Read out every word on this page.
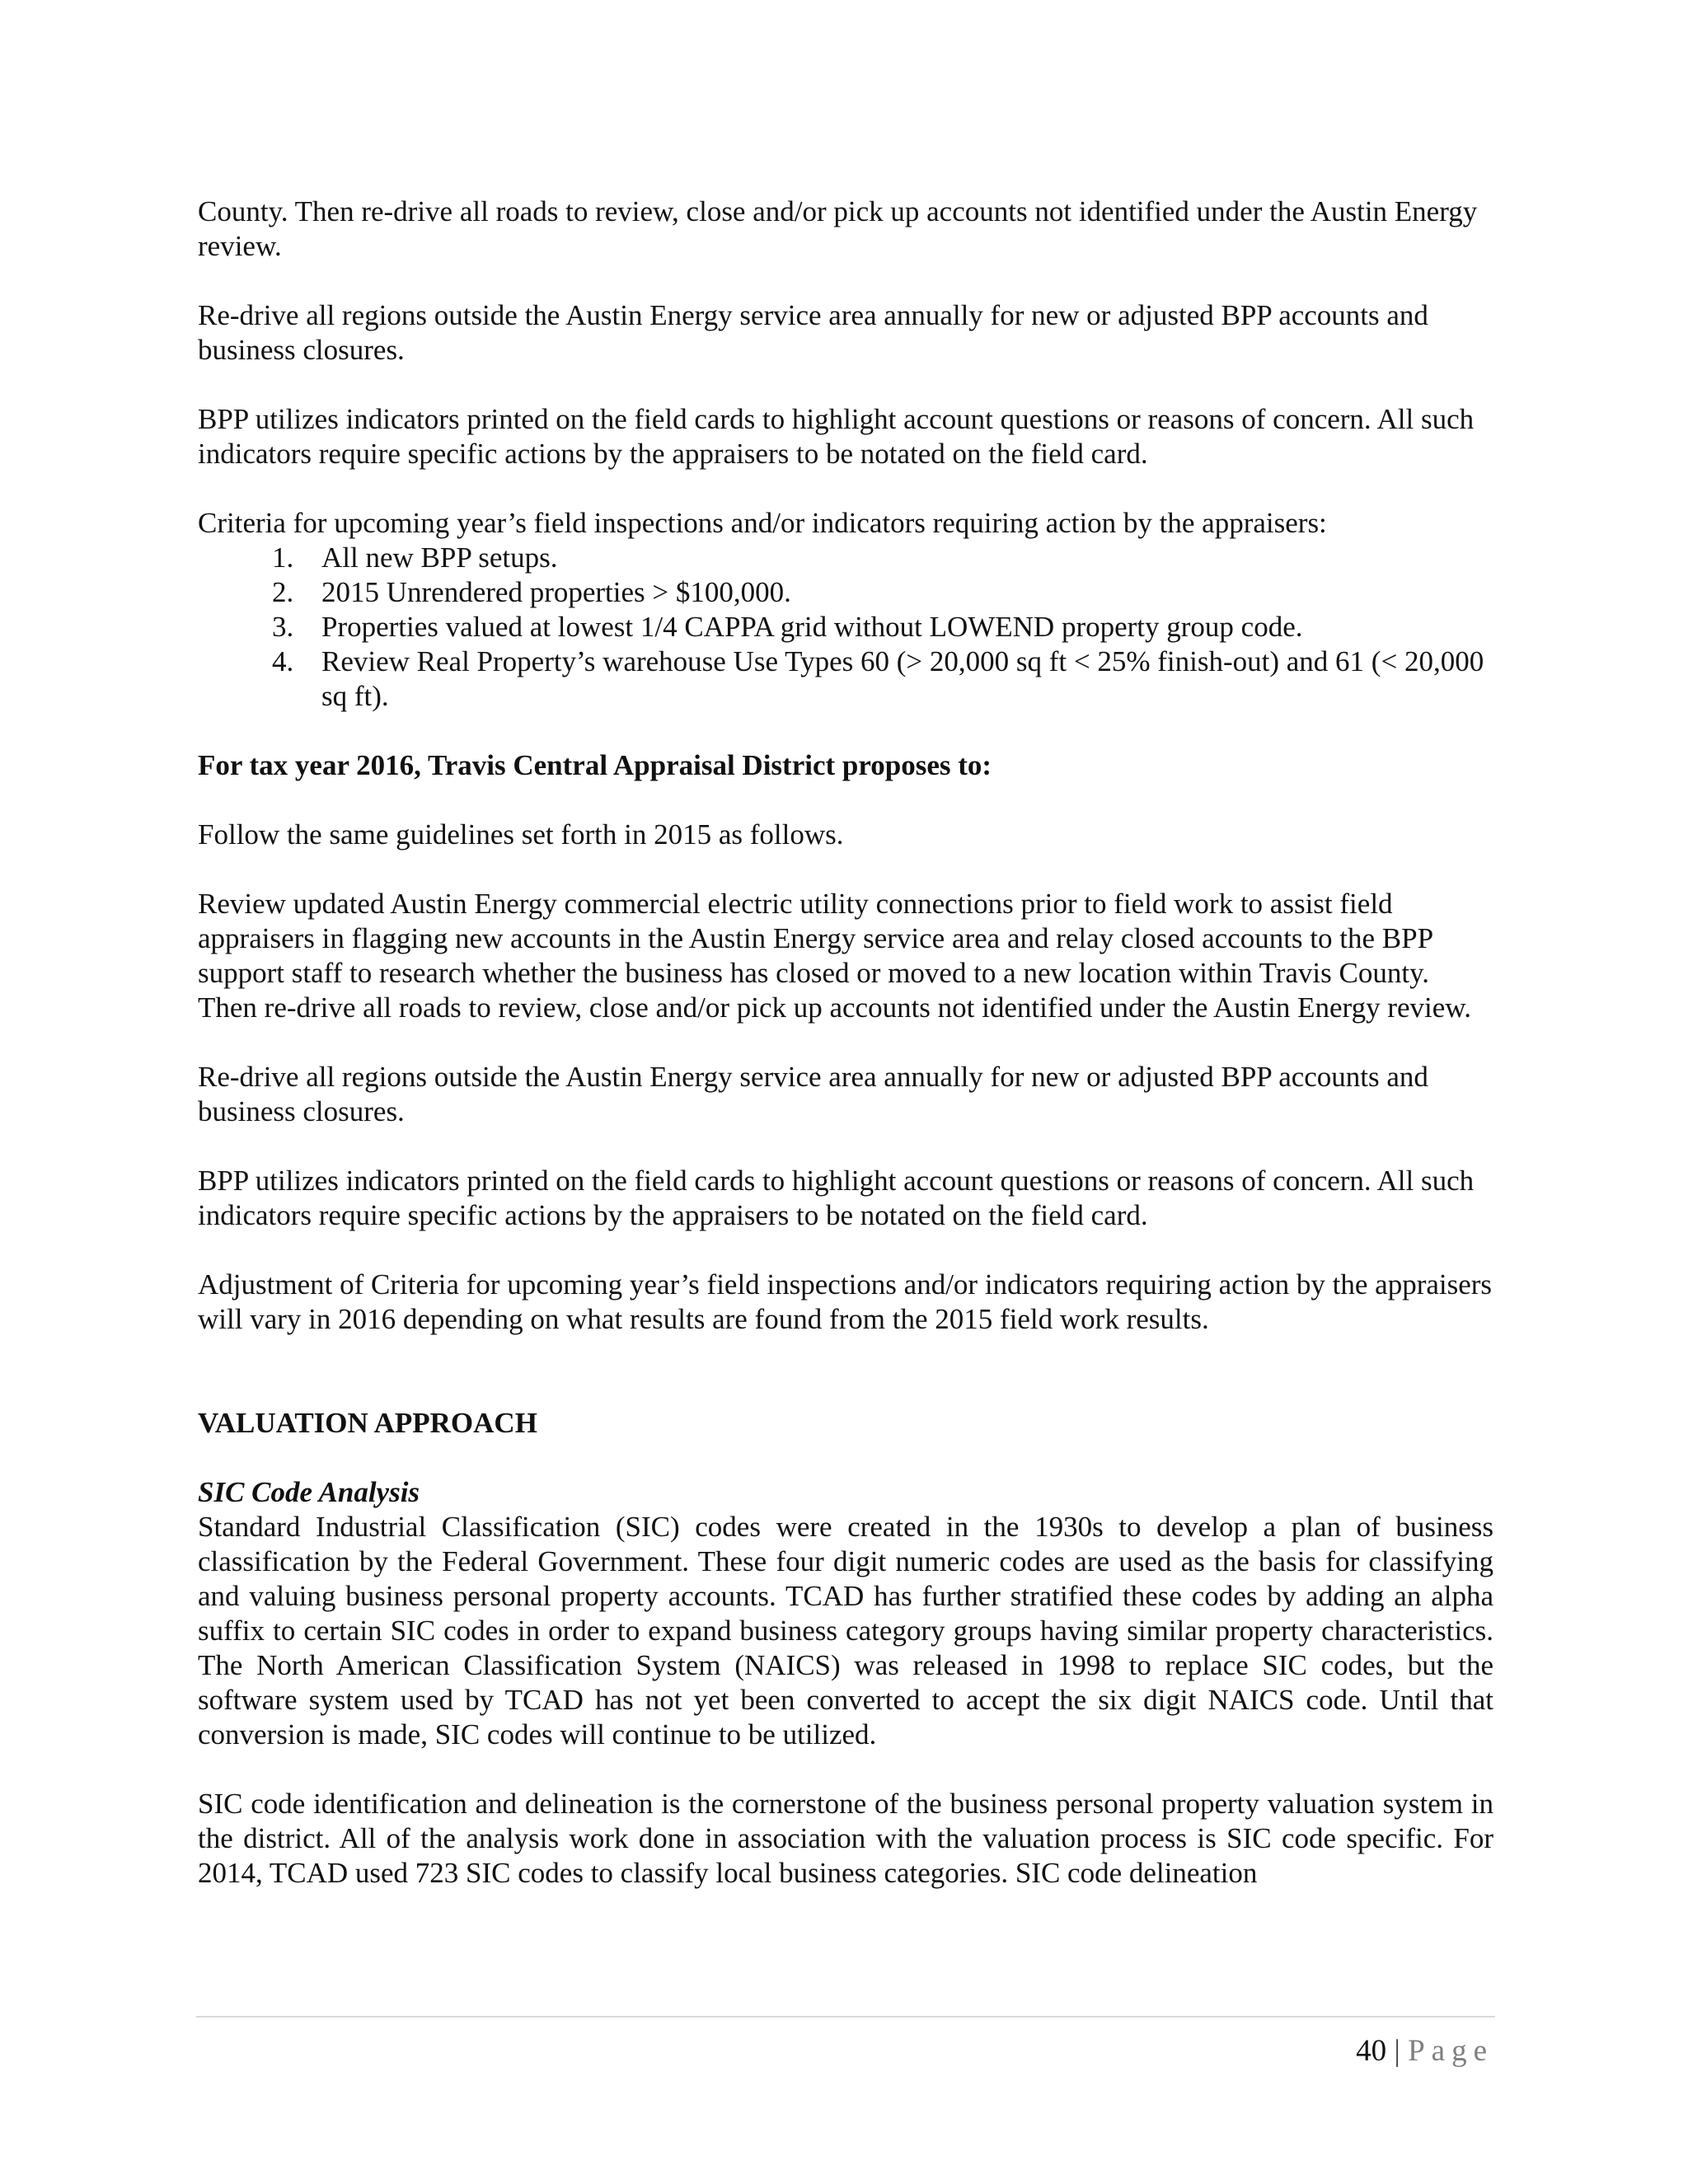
County. Then re-drive all roads to review, close and/or pick up accounts not identified under the Austin Energy review.

Re-drive all regions outside the Austin Energy service area annually for new or adjusted BPP accounts and business closures.

BPP utilizes indicators printed on the field cards to highlight account questions or reasons of concern. All such indicators require specific actions by the appraisers to be notated on the field card.

Criteria for upcoming year’s field inspections and/or indicators requiring action by the appraisers:

1. All new BPP setups.
2. 2015 Unrendered properties > $100,000.
3. Properties valued at lowest 1/4 CAPPA grid without LOWEND property group code.
4. Review Real Property’s warehouse Use Types 60 (> 20,000 sq ft < 25% finish-out) and 61 (< 20,000 sq ft).

For tax year 2016, Travis Central Appraisal District proposes to:

Follow the same guidelines set forth in 2015 as follows.

Review updated Austin Energy commercial electric utility connections prior to field work to assist field appraisers in flagging new accounts in the Austin Energy service area and relay closed accounts to the BPP support staff to research whether the business has closed or moved to a new location within Travis County. Then re-drive all roads to review, close and/or pick up accounts not identified under the Austin Energy review.

Re-drive all regions outside the Austin Energy service area annually for new or adjusted BPP accounts and business closures.

BPP utilizes indicators printed on the field cards to highlight account questions or reasons of concern. All such indicators require specific actions by the appraisers to be notated on the field card.

Adjustment of Criteria for upcoming year’s field inspections and/or indicators requiring action by the appraisers will vary in 2016 depending on what results are found from the 2015 field work results.

VALUATION APPROACH

SIC Code Analysis

Standard Industrial Classification (SIC) codes were created in the 1930s to develop a plan of business classification by the Federal Government. These four digit numeric codes are used as the basis for classifying and valuing business personal property accounts. TCAD has further stratified these codes by adding an alpha suffix to certain SIC codes in order to expand business category groups having similar property characteristics. The North American Classification System (NAICS) was released in 1998 to replace SIC codes, but the software system used by TCAD has not yet been converted to accept the six digit NAICS code. Until that conversion is made, SIC codes will continue to be utilized.

SIC code identification and delineation is the cornerstone of the business personal property valuation system in the district. All of the analysis work done in association with the valuation process is SIC code specific. For 2014, TCAD used 723 SIC codes to classify local business categories. SIC code delineation

40 | Page
